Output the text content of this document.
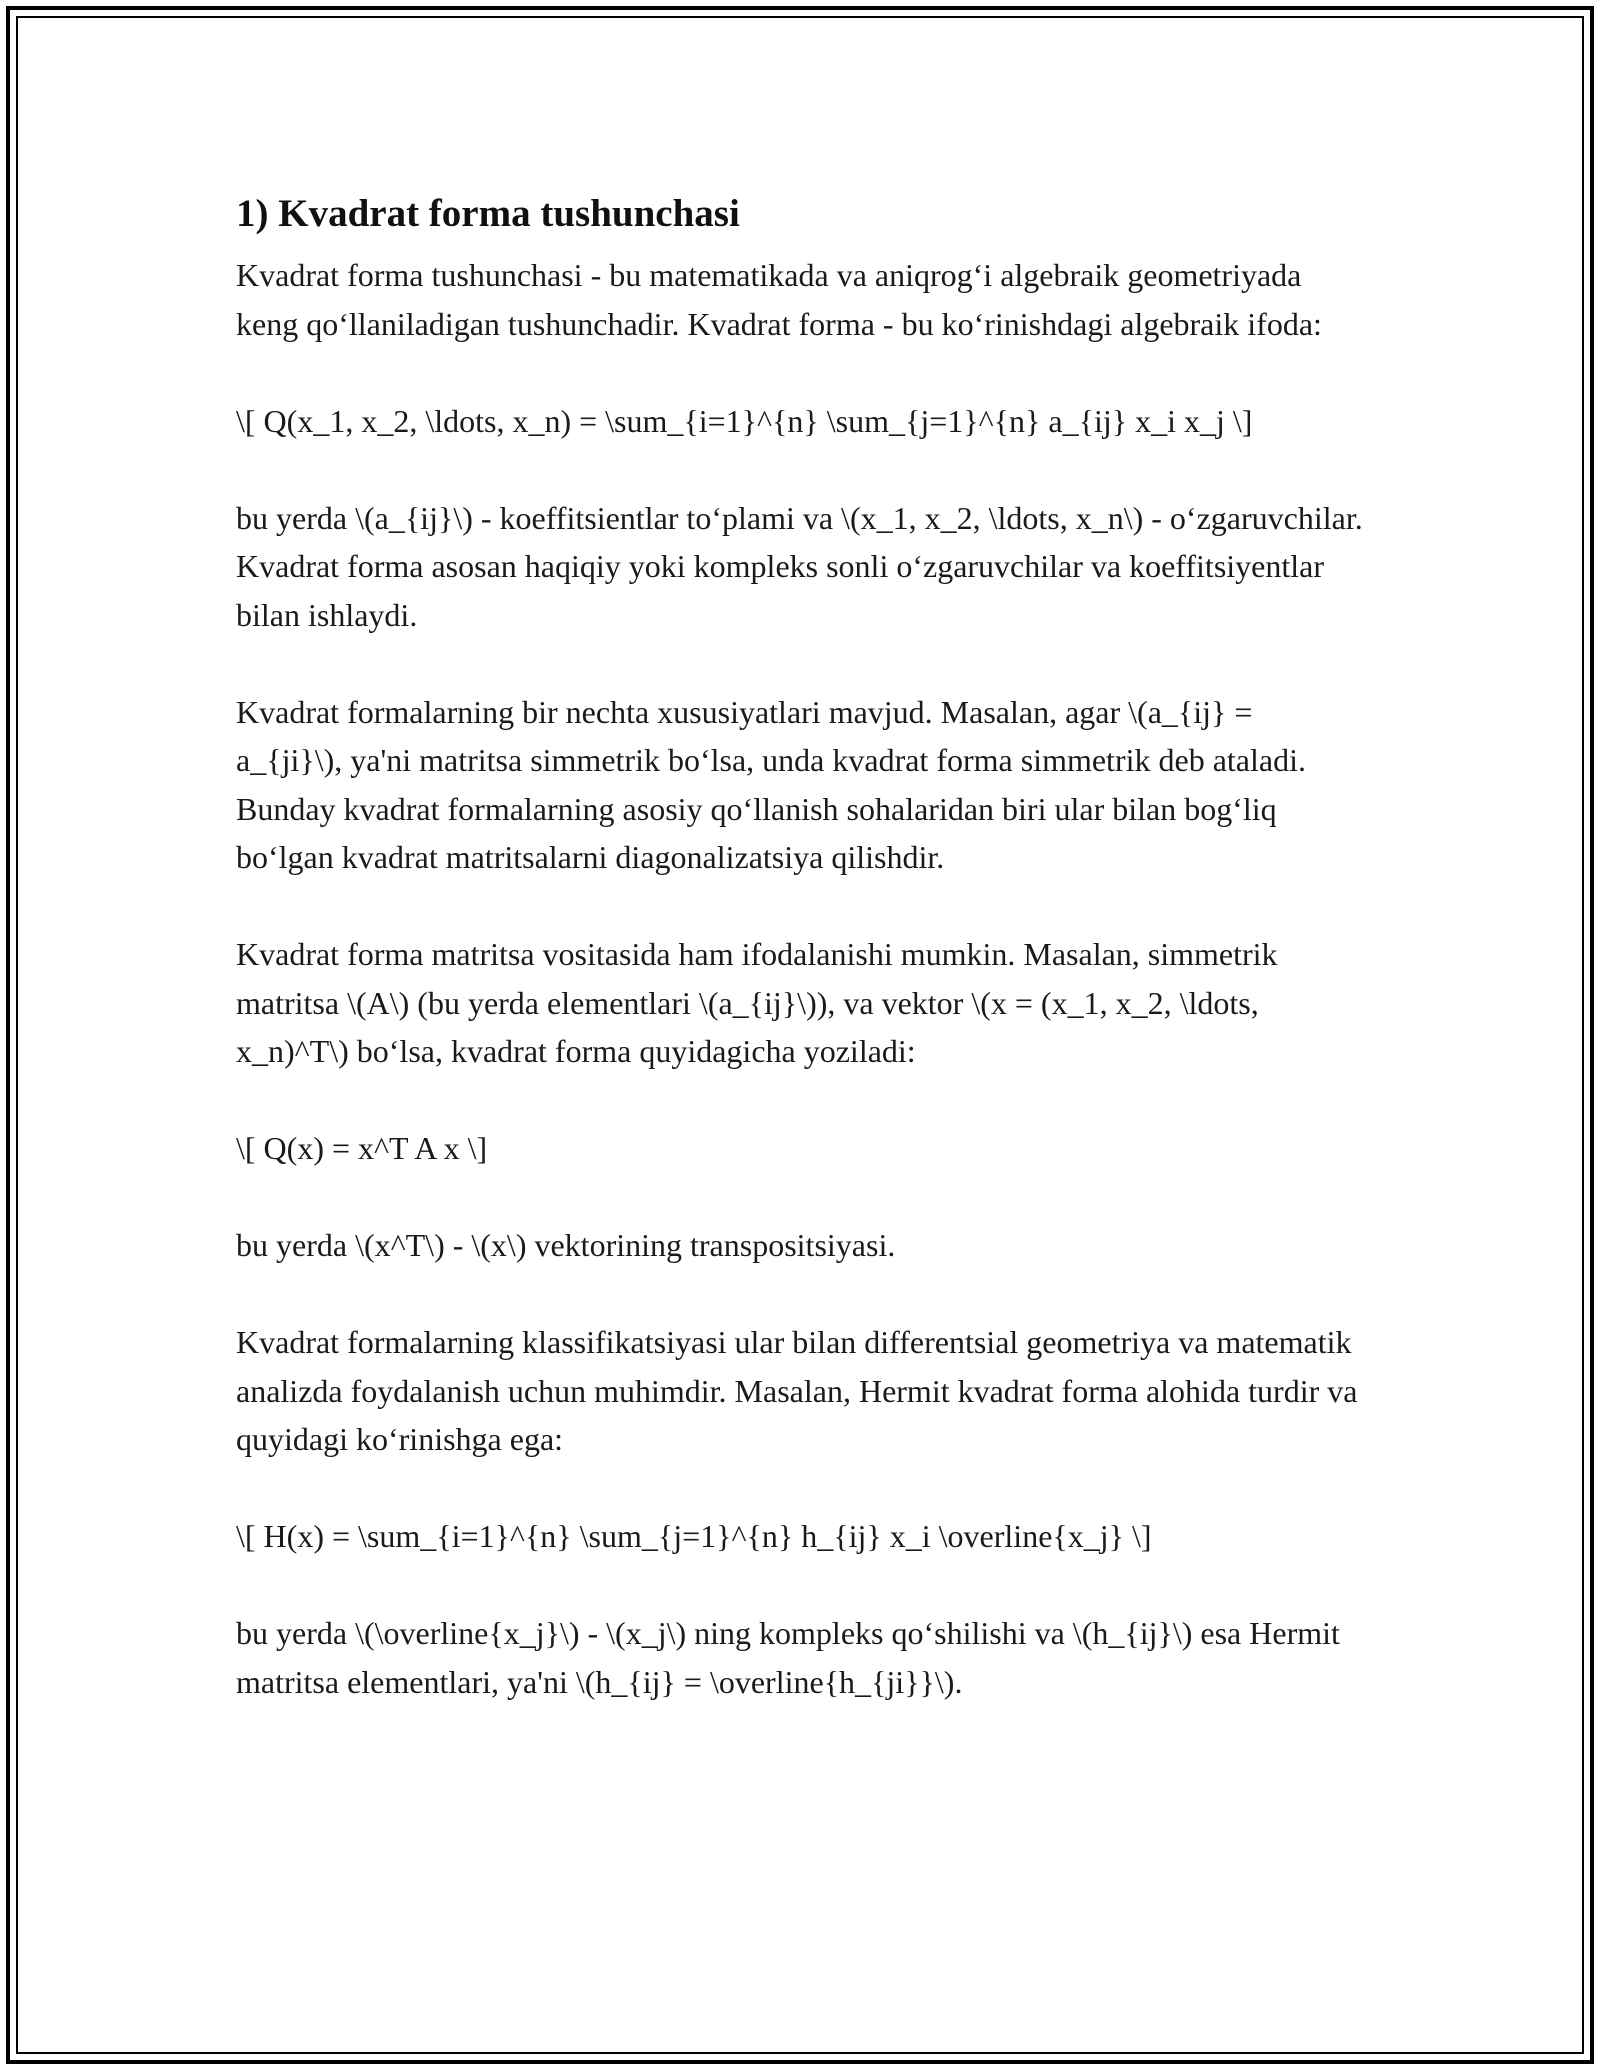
1) Kvadrat forma tushunchasi

Kvadrat forma tushunchasi - bu matematikada va aniqrog‘i algebraik geometriyada keng qo‘llaniladigan tushunchadir. Kvadrat forma - bu ko‘rinishdagi algebraik ifoda:

\[ Q(x_1, x_2, \ldots, x_n) = \sum_{i=1}^{n} \sum_{j=1}^{n} a_{ij} x_i x_j \]

bu yerda \(a_{ij}\) - koeffitsientlar to‘plami va \(x_1, x_2, \ldots, x_n\) - o‘zgaruvchilar. Kvadrat forma asosan haqiqiy yoki kompleks sonli o‘zgaruvchilar va koeffitsiyentlar bilan ishlaydi.

Kvadrat formalarning bir nechta xususiyatlari mavjud. Masalan, agar \(a_{ij} = a_{ji}\), ya'ni matritsa simmetrik bo‘lsa, unda kvadrat forma simmetrik deb ataladi. Bunday kvadrat formalarning asosiy qo‘llanish sohalaridan biri ular bilan bog‘liq bo‘lgan kvadrat matritsalarni diagonalizatsiya qilishdir.

Kvadrat forma matritsa vositasida ham ifodalanishi mumkin. Masalan, simmetrik matritsa \(A\) (bu yerda elementlari \(a_{ij}\)), va vektor \(x = (x_1, x_2, \ldots, x_n)^T\) bo‘lsa, kvadrat forma quyidagicha yoziladi:

\[ Q(x) = x^T A x \]

bu yerda \(x^T\) - \(x\) vektorining transpositsiyasi.

Kvadrat formalarning klassifikatsiyasi ular bilan differentsial geometriya va matematik analizda foydalanish uchun muhimdir. Masalan, Hermit kvadrat forma alohida turdir va quyidagi ko‘rinishga ega:

\[ H(x) = \sum_{i=1}^{n} \sum_{j=1}^{n} h_{ij} x_i \overline{x_j} \]

bu yerda \(\overline{x_j}\) - \(x_j\) ning kompleks qo‘shilishi va \(h_{ij}\) esa Hermit matritsa elementlari, ya'ni \(h_{ij} = \overline{h_{ji}}\).
